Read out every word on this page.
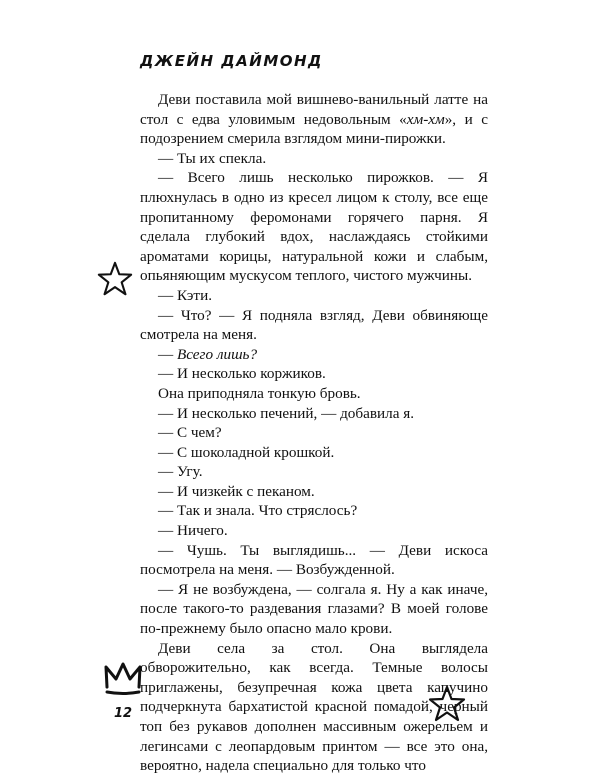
ДЖЕЙН ДАЙМОНД

Деви поставила мой вишнево-ванильный латте на стол с едва уловимым недовольным «хм-хм», и с подозрением смерила взглядом мини-пирожки.

— Ты их спекла.

— Всего лишь несколько пирожков. — Я плюхнулась в одно из кресел лицом к столу, все еще пропитанному феромонами горячего парня. Я сделала глубокий вдох, наслаждаясь стойкими ароматами корицы, натуральной кожи и слабым, опьяняющим мускусом теплого, чистого мужчины.

— Кэти.

— Что? — Я подняла взгляд, Деви обвиняюще смотрела на меня.

— Всего лишь?

— И несколько коржиков.

Она приподняла тонкую бровь.

— И несколько печений, — добавила я.

— С чем?

— С шоколадной крошкой.

— Угу.

— И чизкейк с пеканом.

— Так и знала. Что стряслось?

— Ничего.

— Чушь. Ты выглядишь... — Деви искоса посмотрела на меня. — Возбужденной.

— Я не возбуждена, — солгала я. Ну а как иначе, после такого-то раздевания глазами? В моей голове по-прежнему было опасно мало крови.

Деви села за стол. Она выглядела обворожительно, как всегда. Темные волосы приглажены, безупречная кожа цвета капучино подчеркнута бархатистой красной помадой, черный топ без рукавов дополнен массивным ожерельем и легинсами с леопардовым принтом — все это она, вероятно, надела специально для только что

12
